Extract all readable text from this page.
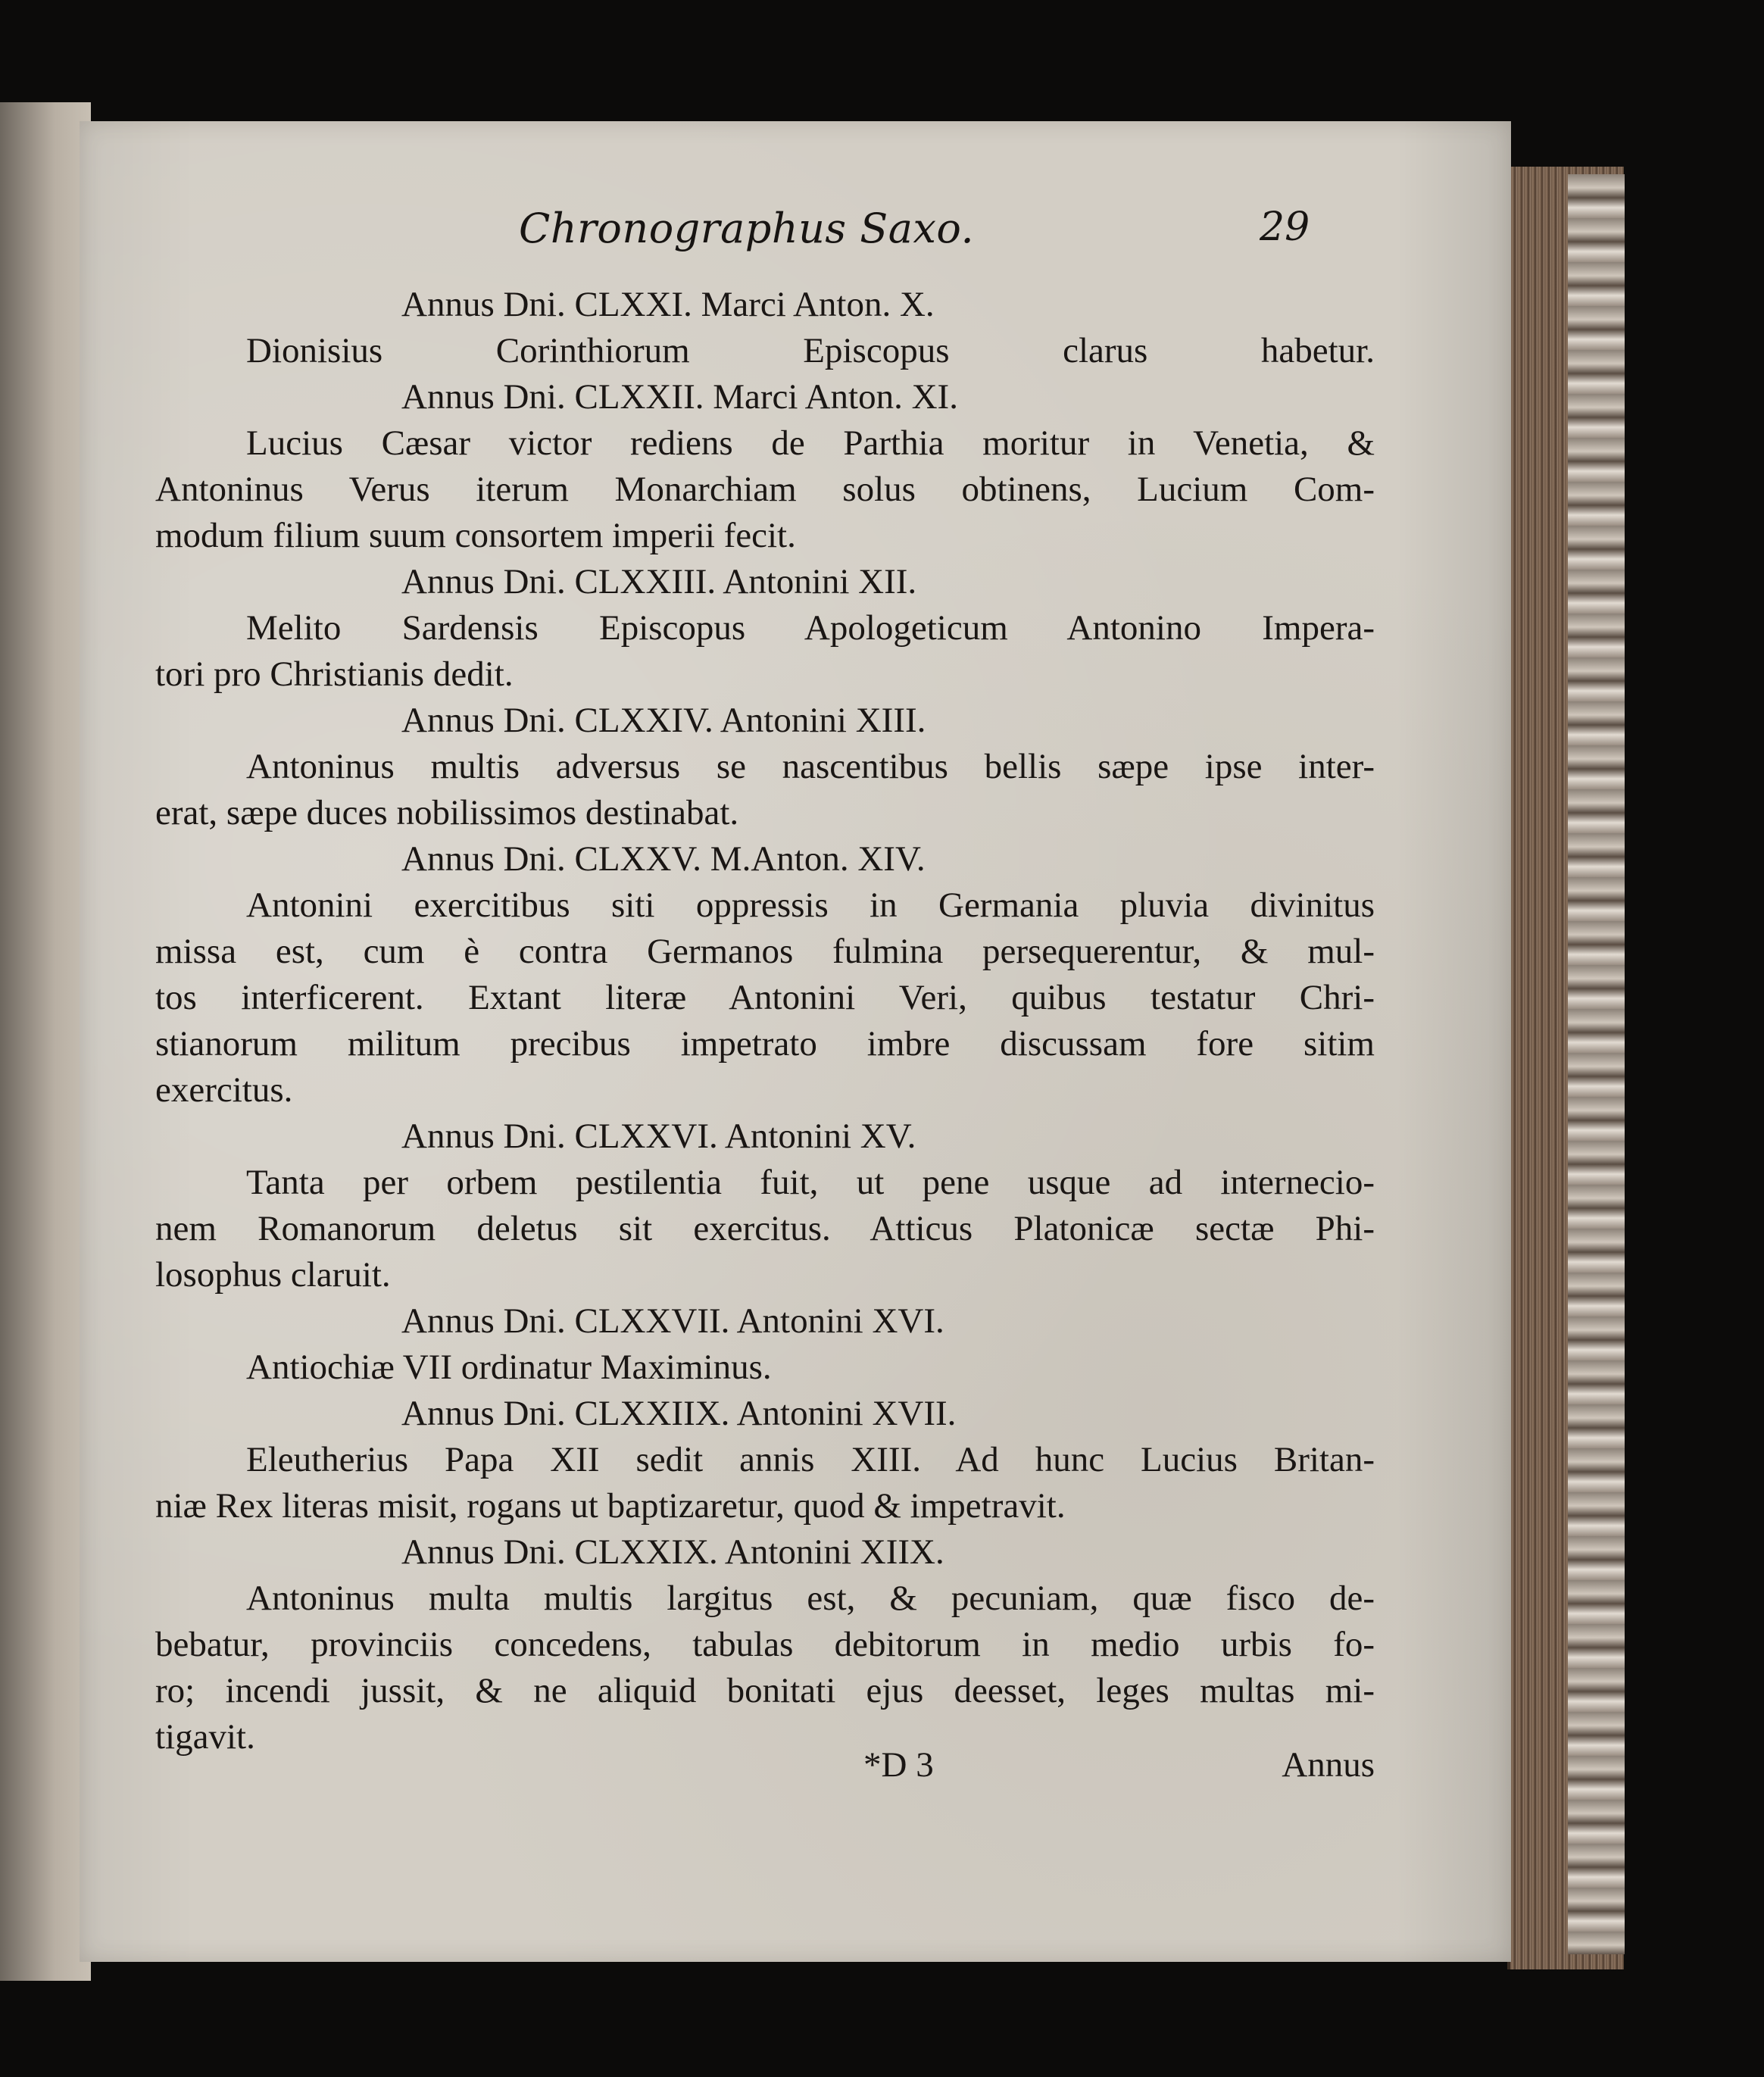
Chronographus Saxo.	29
Annus Dni. CLXXI. Marci Anton. X.
Dionisius Corinthiorum Episcopus clarus habetur.
Annus Dni. CLXXII. Marci Anton. XI.
Lucius Cæsar victor rediens de Parthia moritur in Venetia, &
Antoninus Verus iterum Monarchiam solus obtinens, Lucium Com-
modum filium suum consortem imperii fecit.
Annus Dni. CLXXIII. Antonini XII.
Melito Sardensis Episcopus Apologeticum Antonino Impera-
tori pro Christianis dedit.
Annus Dni. CLXXIV. Antonini XIII.
Antoninus multis adversus se nascentibus bellis sæpe ipse inter-
erat, sæpe duces nobilissimos destinabat.
Annus Dni. CLXXV. M.Anton. XIV.
Antonini exercitibus siti oppressis in Germania pluvia divinitus
missa est, cum è contra Germanos fulmina persequerentur, & mul-
tos interficerent. Extant literæ Antonini Veri, quibus testatur Chri-
stianorum militum precibus impetrato imbre discussam fore sitim
exercitus.
Annus Dni. CLXXVI. Antonini XV.
Tanta per orbem pestilentia fuit, ut pene usque ad internecio-
nem Romanorum deletus sit exercitus. Atticus Platonicæ sectæ Phi-
losophus claruit.
Annus Dni. CLXXVII. Antonini XVI.
Antiochiæ VII ordinatur Maximinus.
Annus Dni. CLXXIIX. Antonini XVII.
Eleutherius Papa XII sedit annis XIII. Ad hunc Lucius Britan-
niæ Rex literas misit, rogans ut baptizaretur, quod & impetravit.
Annus Dni. CLXXIX. Antonini XIIX.
Antoninus multa multis largitus est, & pecuniam, quæ fisco de-
bebatur, provinciis concedens, tabulas debitorum in medio urbis fo-
ro; incendi jussit, & ne aliquid bonitati ejus deesset, leges multas mi-
tigavit.
*D 3	Annus
